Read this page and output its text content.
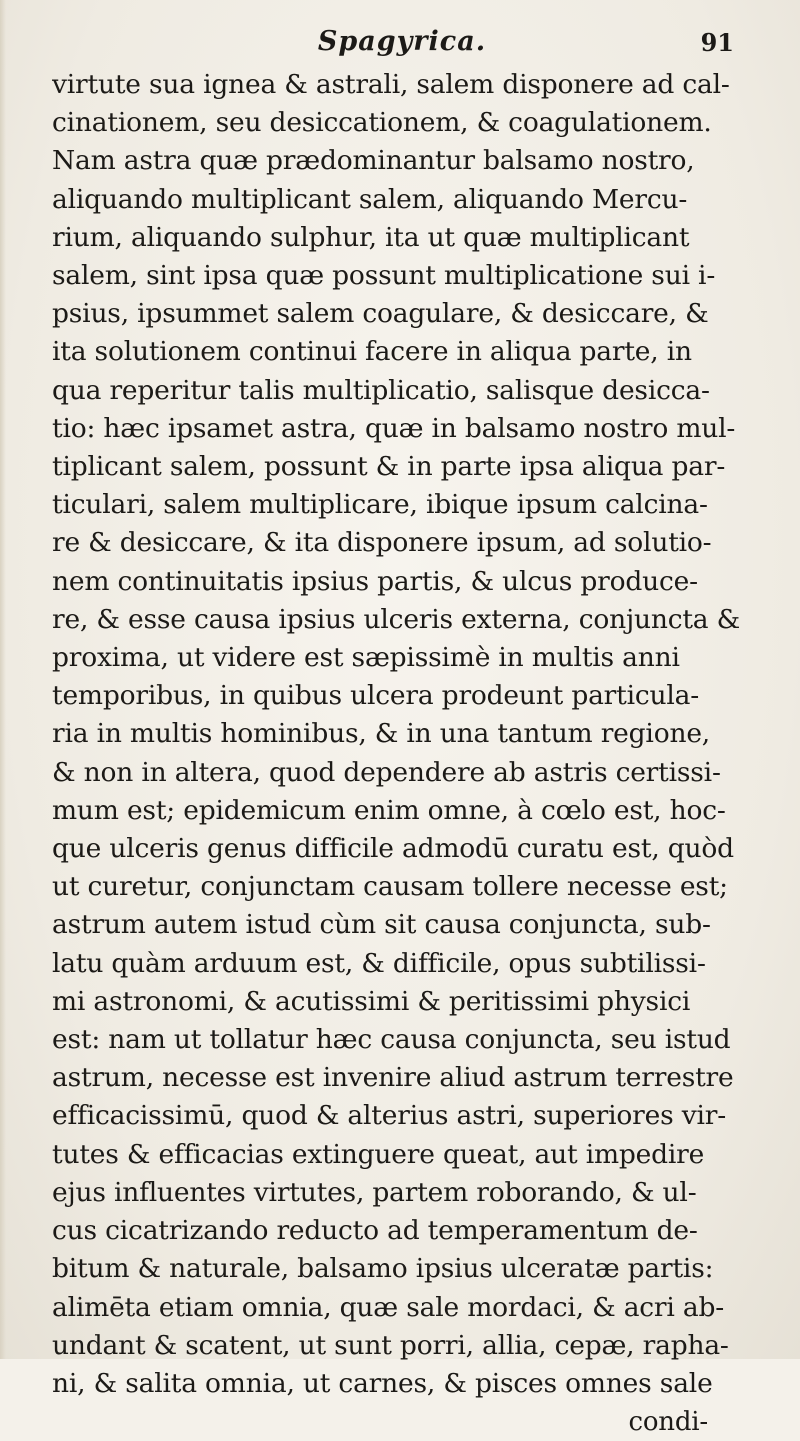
Spagyrica.	91
virtute sua ignea & astrali, salem disponere ad cal-
cinationem, seu desiccationem, & coagulationem.
Nam astra quæ prædominantur balsamo nostro,
aliquando multiplicant salem, aliquando Mercu-
rium, aliquando sulphur, ita ut quæ multiplicant
salem, sint ipsa quæ possunt multiplicatione sui i-
psius, ipsummet salem coagulare, & desiccare, &
ita solutionem continui facere in aliqua parte, in
qua reperitur talis multiplicatio, salisque desicca-
tio: hæc ipsamet astra, quæ in balsamo nostro mul-
tiplicant salem, possunt & in parte ipsa aliqua par-
ticulari, salem multiplicare, ibique ipsum calcina-
re & desiccare, & ita disponere ipsum, ad solutio-
nem continuitatis ipsius partis, & ulcus produce-
re, & esse causa ipsius ulceris externa, conjuncta &
proxima, ut videre est sæpissimè in multis anni
temporibus, in quibus ulcera prodeunt particula-
ria in multis hominibus, & in una tantum regione,
& non in altera, quod dependere ab astris certissi-
mum est; epidemicum enim omne, à cœlo est, hoc-
que ulceris genus difficile admodū curatu est, quòd
ut curetur, conjunctam causam tollere necesse est;
astrum autem istud cùm sit causa conjuncta, sub-
latu quàm arduum est, & difficile, opus subtilissi-
mi astronomi, & acutissimi & peritissimi physici
est: nam ut tollatur hæc causa conjuncta, seu istud
astrum, necesse est invenire aliud astrum terrestre
efficacissimū, quod & alterius astri, superiores vir-
tutes & efficacias extinguere queat, aut impedire
ejus influentes virtutes, partem roborando, & ul-
cus cicatrizando reducto ad temperamentum de-
bitum & naturale, balsamo ipsius ulceratæ partis:
alimēta etiam omnia, quæ sale mordaci, & acri ab-
undant & scatent, ut sunt porri, allia, cepæ, rapha-
ni, & salita omnia, ut carnes, & pisces omnes sale
condi-
